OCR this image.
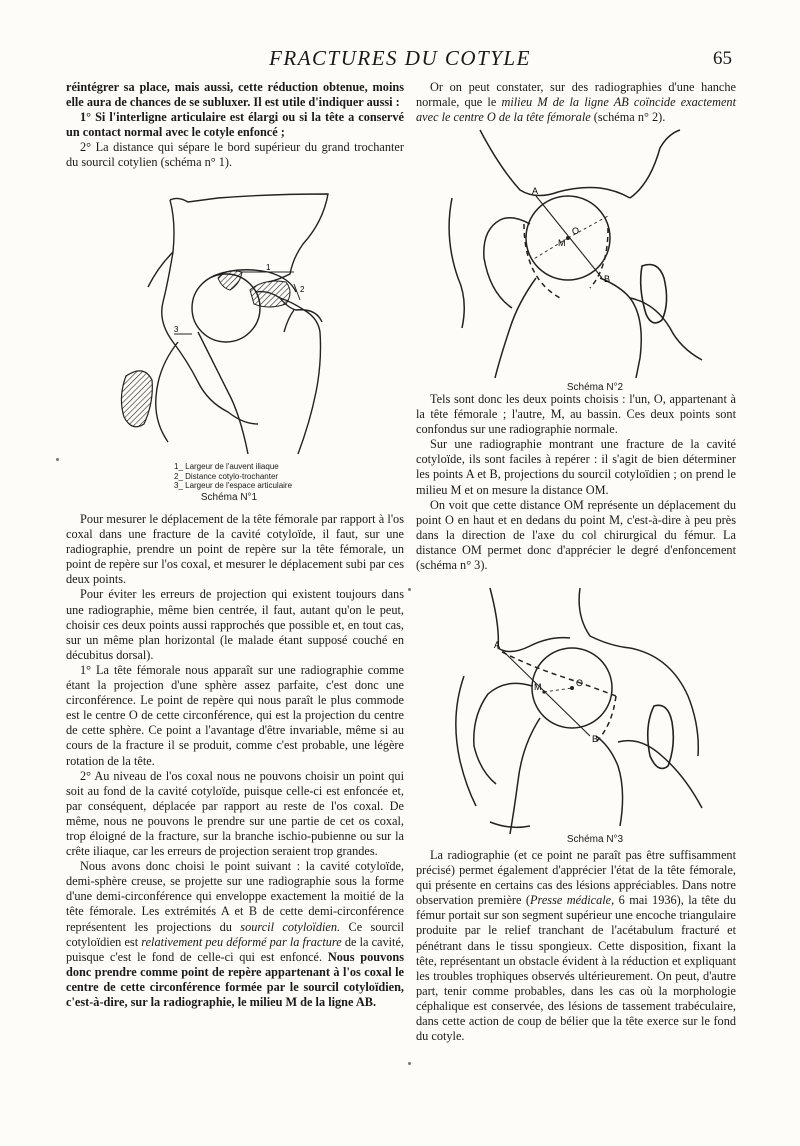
FRACTURES DU COTYLE	65

réintégrer sa place, mais aussi, cette réduction obtenue, moins elle aura de chances de se subluxer. Il est utile d'indiquer aussi :

1° Si l'interligne articulaire est élargi ou si la tête a conservé un contact normal avec le cotyle enfoncé ;

2° La distance qui sépare le bord supérieur du grand trochanter du sourcil cotylien (schéma n° 1).

1
2
3
1_ Largeur de l'auvent iliaque
2_ Distance cotylo-trochanter
3_ Largeur de l'espace articulaire
Schéma N°1

Pour mesurer le déplacement de la tête fémorale par rapport à l'os coxal dans une fracture de la cavité cotyloïde, il faut, sur une radiographie, prendre un point de repère sur la tête fémorale, un point de repère sur l'os coxal, et mesurer le déplacement subi par ces deux points.

Pour éviter les erreurs de projection qui existent toujours dans une radiographie, même bien centrée, il faut, autant qu'on le peut, choisir ces deux points aussi rapprochés que possible et, en tout cas, sur un même plan horizontal (le malade étant supposé couché en décubitus dorsal).

1° La tête fémorale nous apparaît sur une radiographie comme étant la projection d'une sphère assez parfaite, c'est donc une circonférence. Le point de repère qui nous paraît le plus commode est le centre O de cette circonférence, qui est la projection du centre de cette sphère. Ce point a l'avantage d'être invariable, même si au cours de la fracture il se produit, comme c'est probable, une légère rotation de la tête.

2° Au niveau de l'os coxal nous ne pouvons choisir un point qui soit au fond de la cavité cotyloïde, puisque celle-ci est enfoncée et, par conséquent, déplacée par rapport au reste de l'os coxal. De même, nous ne pouvons le prendre sur une partie de cet os coxal, trop éloigné de la fracture, sur la branche ischio-pubienne ou sur la crête iliaque, car les erreurs de projection seraient trop grandes.

Nous avons donc choisi le point suivant : la cavité cotyloïde, demi-sphère creuse, se projette sur une radiographie sous la forme d'une demi-circonférence qui enveloppe exactement la moitié de la tête fémorale. Les extrémités A et B de cette demi-circonférence représentent les projections du sourcil cotyloïdien. Ce sourcil cotyloïdien est relativement peu déformé par la fracture de la cavité, puisque c'est le fond de celle-ci qui est enfoncé. Nous pouvons donc prendre comme point de repère appartenant à l'os coxal le centre de cette circonférence formée par le sourcil cotyloïdien, c'est-à-dire, sur la radiographie, le milieu M de la ligne AB.

Or on peut constater, sur des radiographies d'une hanche normale, que le milieu M de la ligne AB coïncide exactement avec le centre O de la tête fémorale (schéma n° 2).

A
B
O
M
Schéma N°2

Tels sont donc les deux points choisis : l'un, O, appartenant à la tête fémorale ; l'autre, M, au bassin. Ces deux points sont confondus sur une radiographie normale.

Sur une radiographie montrant une fracture de la cavité cotyloïde, ils sont faciles à repérer : il s'agit de bien déterminer les points A et B, projections du sourcil cotyloïdien ; on prend le milieu M et on mesure la distance OM.

On voit que cette distance OM représente un déplacement du point O en haut et en dedans du point M, c'est-à-dire à peu près dans la direction de l'axe du col chirurgical du fémur. La distance OM permet donc d'apprécier le degré d'enfoncement (schéma n° 3).

A
B
O
M
Schéma N°3

La radiographie (et ce point ne paraît pas être suffisamment précisé) permet également d'apprécier l'état de la tête fémorale, qui présente en certains cas des lésions appréciables. Dans notre observation première (Presse médicale, 6 mai 1936), la tête du fémur portait sur son segment supérieur une encoche triangulaire produite par le relief tranchant de l'acétabulum fracturé et pénétrant dans le tissu spongieux. Cette disposition, fixant la tête, représentant un obstacle évident à la réduction et expliquant les troubles trophiques observés ultérieurement. On peut, d'autre part, tenir comme probables, dans les cas où la morphologie céphalique est conservée, des lésions de tassement trabéculaire, dans cette action de coup de bélier que la tête exerce sur le fond du cotyle.
